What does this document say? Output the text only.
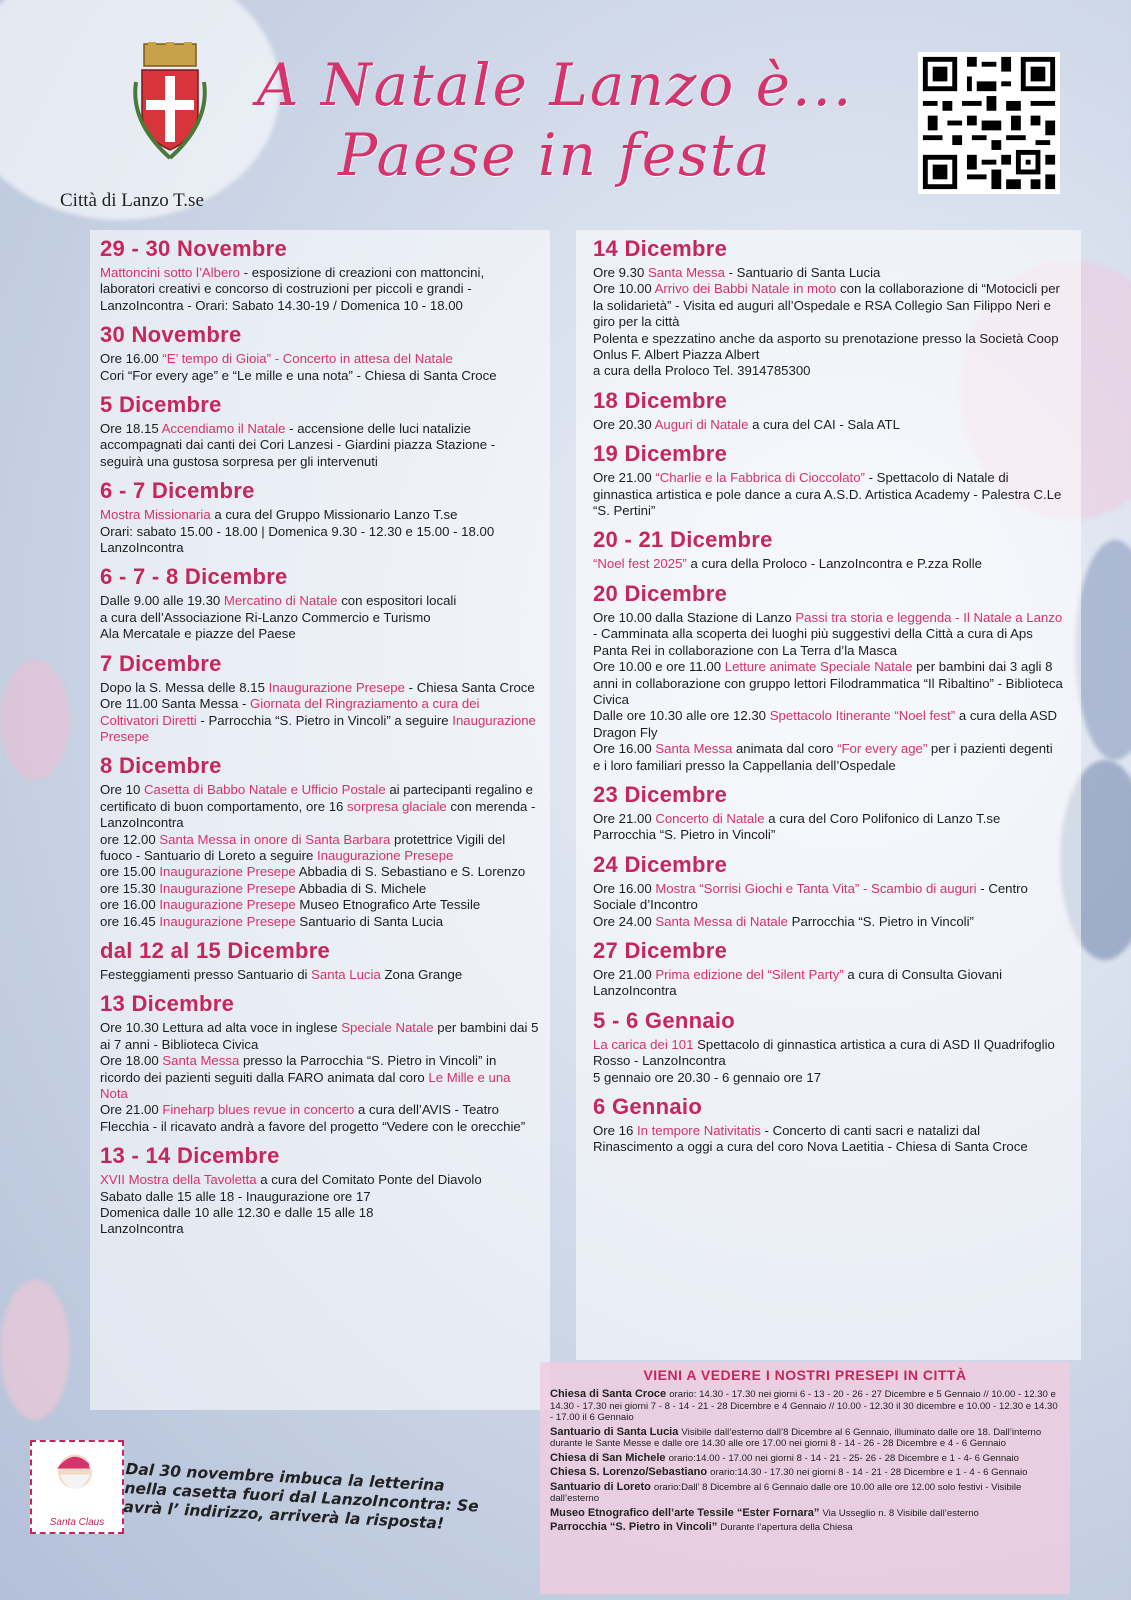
Città di Lanzo T.se
A Natale Lanzo è...
Paese in festa
29 - 30 Novembre

Mattoncini sotto l’Albero - esposizione di creazioni con mattoncini, laboratori creativi e concorso di costruzioni per piccoli e grandi - LanzoIncontra - Orari: Sabato 14.30-19 / Domenica 10 - 18.00

30 Novembre

Ore 16.00 “E’ tempo di Gioia” - Concerto in attesa del Natale

Cori “For every age” e “Le mille e una nota” - Chiesa di Santa Croce

5 Dicembre

Ore 18.15 Accendiamo il Natale - accensione delle luci natalizie accompagnati dai canti dei Cori Lanzesi - Giardini piazza Stazione - seguirà una gustosa sorpresa per gli intervenuti

6 - 7 Dicembre

Mostra Missionaria a cura del Gruppo Missionario Lanzo T.se

Orari: sabato 15.00 - 18.00 | Domenica 9.30 - 12.30 e 15.00 - 18.00

LanzoIncontra

6 - 7 - 8 Dicembre

Dalle 9.00 alle 19.30 Mercatino di Natale con espositori locali

a cura dell’Associazione Ri-Lanzo Commercio e Turismo

Ala Mercatale e piazze del Paese

7 Dicembre

Dopo la S. Messa delle 8.15 Inaugurazione Presepe - Chiesa Santa Croce

Ore 11.00 Santa Messa - Giornata del Ringraziamento a cura dei Coltivatori Diretti - Parrocchia “S. Pietro in Vincoli” a seguire Inaugurazione Presepe

8 Dicembre

Ore 10 Casetta di Babbo Natale e Ufficio Postale ai partecipanti regalino e certificato di buon comportamento, ore 16 sorpresa glaciale con merenda - LanzoIncontra

ore 12.00 Santa Messa in onore di Santa Barbara protettrice Vigili del fuoco - Santuario di Loreto a seguire Inaugurazione Presepe

ore 15.00 Inaugurazione Presepe Abbadia di S. Sebastiano e S. Lorenzo

ore 15.30 Inaugurazione Presepe Abbadia di S. Michele

ore 16.00 Inaugurazione Presepe Museo Etnografico Arte Tessile

ore 16.45 Inaugurazione Presepe Santuario di Santa Lucia

dal 12 al 15 Dicembre

Festeggiamenti presso Santuario di Santa Lucia Zona Grange

13 Dicembre

Ore 10.30 Lettura ad alta voce in inglese Speciale Natale per bambini dai 5 ai 7 anni - Biblioteca Civica

Ore 18.00 Santa Messa presso la Parrocchia “S. Pietro in Vincoli” in ricordo dei pazienti seguiti dalla FARO animata dal coro Le Mille e una Nota

Ore 21.00 Fineharp blues revue in concerto a cura dell’AVIS - Teatro Flecchia - il ricavato andrà a favore del progetto “Vedere con le orecchie”

13 - 14 Dicembre

XVII Mostra della Tavoletta a cura del Comitato Ponte del Diavolo

Sabato dalle 15 alle 18 - Inaugurazione ore 17

Domenica dalle 10 alle 12.30 e dalle 15 alle 18

LanzoIncontra

14 Dicembre

Ore 9.30 Santa Messa - Santuario di Santa Lucia

Ore 10.00 Arrivo dei Babbi Natale in moto con la collaborazione di “Motocicli per la solidarietà” - Visita ed auguri all’Ospedale e RSA Collegio San Filippo Neri e giro per la città

Polenta e spezzatino anche da asporto su prenotazione presso la Società Coop Onlus F. Albert Piazza Albert

a cura della Proloco Tel. 3914785300

18 Dicembre

Ore 20.30 Auguri di Natale a cura del CAI - Sala ATL

19 Dicembre

Ore 21.00 “Charlie e la Fabbrica di Cioccolato” - Spettacolo di Natale di ginnastica artistica e pole dance a cura A.S.D. Artistica Academy - Palestra C.Le “S. Pertini”

20 - 21 Dicembre

“Noel fest 2025” a cura della Proloco - LanzoIncontra e P.zza Rolle

20 Dicembre

Ore 10.00 dalla Stazione di Lanzo Passi tra storia e leggenda - Il Natale a Lanzo - Camminata alla scoperta dei luoghi più suggestivi della Città a cura di Aps Panta Rei in collaborazione con La Terra d’la Masca

Ore 10.00 e ore 11.00 Letture animate Speciale Natale per bambini dai 3 agli 8 anni in collaborazione con gruppo lettori Filodrammatica “Il Ribaltino” - Biblioteca Civica

Dalle ore 10.30 alle ore 12.30 Spettacolo Itinerante “Noel fest” a cura della ASD Dragon Fly

Ore 16.00 Santa Messa animata dal coro “For every age” per i pazienti degenti e i loro familiari presso la Cappellania dell’Ospedale

23 Dicembre

Ore 21.00 Concerto di Natale a cura del Coro Polifonico di Lanzo T.se Parrocchia “S. Pietro in Vincoli”

24 Dicembre

Ore 16.00 Mostra “Sorrisi Giochi e Tanta Vita” - Scambio di auguri - Centro Sociale d’Incontro

Ore 24.00 Santa Messa di Natale Parrocchia “S. Pietro in Vincoli”

27 Dicembre

Ore 21.00 Prima edizione del “Silent Party” a cura di Consulta Giovani LanzoIncontra

5 - 6 Gennaio

La carica dei 101 Spettacolo di ginnastica artistica a cura di ASD Il Quadrifoglio Rosso - LanzoIncontra

5 gennaio ore 20.30 - 6 gennaio ore 17

6 Gennaio

Ore 16 In tempore Nativitatis - Concerto di canti sacri e natalizi dal Rinascimento a oggi a cura del coro Nova Laetitia - Chiesa di Santa Croce

VIENI A VEDERE I NOSTRI PRESEPI IN CITTÀ
Chiesa di Santa Croce orario: 14.30 - 17.30 nei giorni 6 - 13 - 20 - 26 - 27 Dicembre e 5 Gennaio // 10.00 - 12.30 e 14.30 - 17.30 nei giorni 7 - 8 - 14 - 21 - 28 Dicembre e 4 Gennaio // 10.00 - 12.30 il 30 dicembre e 10.00 - 12.30 e 14.30 - 17.00 il 6 Gennaio
Santuario di Santa Lucia Visibile dall’esterno dall’8 Dicembre al 6 Gennaio, illuminato dalle ore 18. Dall’interno durante le Sante Messe e dalle ore 14.30 alle ore 17.00 nei giorni 8 - 14 - 26 - 28 Dicembre e 4 - 6 Gennaio
Chiesa di San Michele orario:14.00 - 17.00 nei giorni 8 - 14 - 21 - 25- 26 - 28 Dicembre e 1 - 4- 6 Gennaio
Chiesa S. Lorenzo/Sebastiano orario:14.30 - 17.30 nei giorni 8 - 14 - 21 - 28 Dicembre e 1 - 4 - 6 Gennaio
Santuario di Loreto orario:Dall’ 8 Dicembre al 6 Gennaio dalle ore 10.00 alle ore 12.00 solo festivi - Visibile dall’esterno
Museo Etnografico dell’arte Tessile “Ester Fornara” Via Usseglio n. 8 Visibile dall’esterno
Parrocchia “S. Pietro in Vincoli” Durante l’apertura della Chiesa
Santa Claus
Dal 30 novembre imbuca la letterina nella casetta fuori dal LanzoIncontra: Se avrà l’ indirizzo, arriverà la risposta!
